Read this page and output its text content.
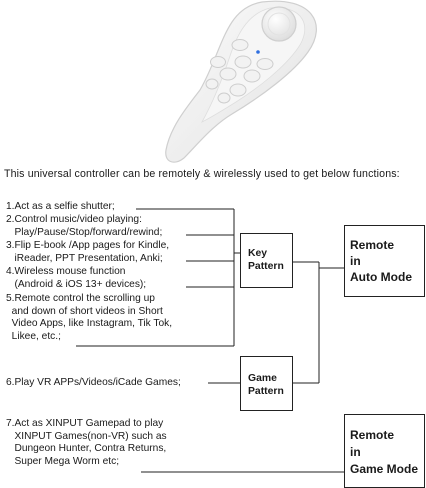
This universal controller can be remotely & wirelessly used to get below functions:
1.Act as a selfie shutter;
2.Control music/video playing:
Play/Pause/Stop/forward/rewind;
3.Flip E-book /App pages for Kindle,
iReader, PPT Presentation, Anki;
4.Wireless mouse function
(Android & iOS 13+ devices);
5.Remote control the scrolling up
and down of short videos in Short
Video Apps, like Instagram, Tik Tok,
Likee, etc.;
6.Play VR APPs/Videos/iCade Games;
7.Act as XINPUT Gamepad to play
XINPUT Games(non-VR) such as
Dungeon Hunter, Contra Returns,
Super Mega Worm etc;
Key
Pattern
Game
Pattern
Remote
in
Auto Mode
Remote
in
Game Mode
